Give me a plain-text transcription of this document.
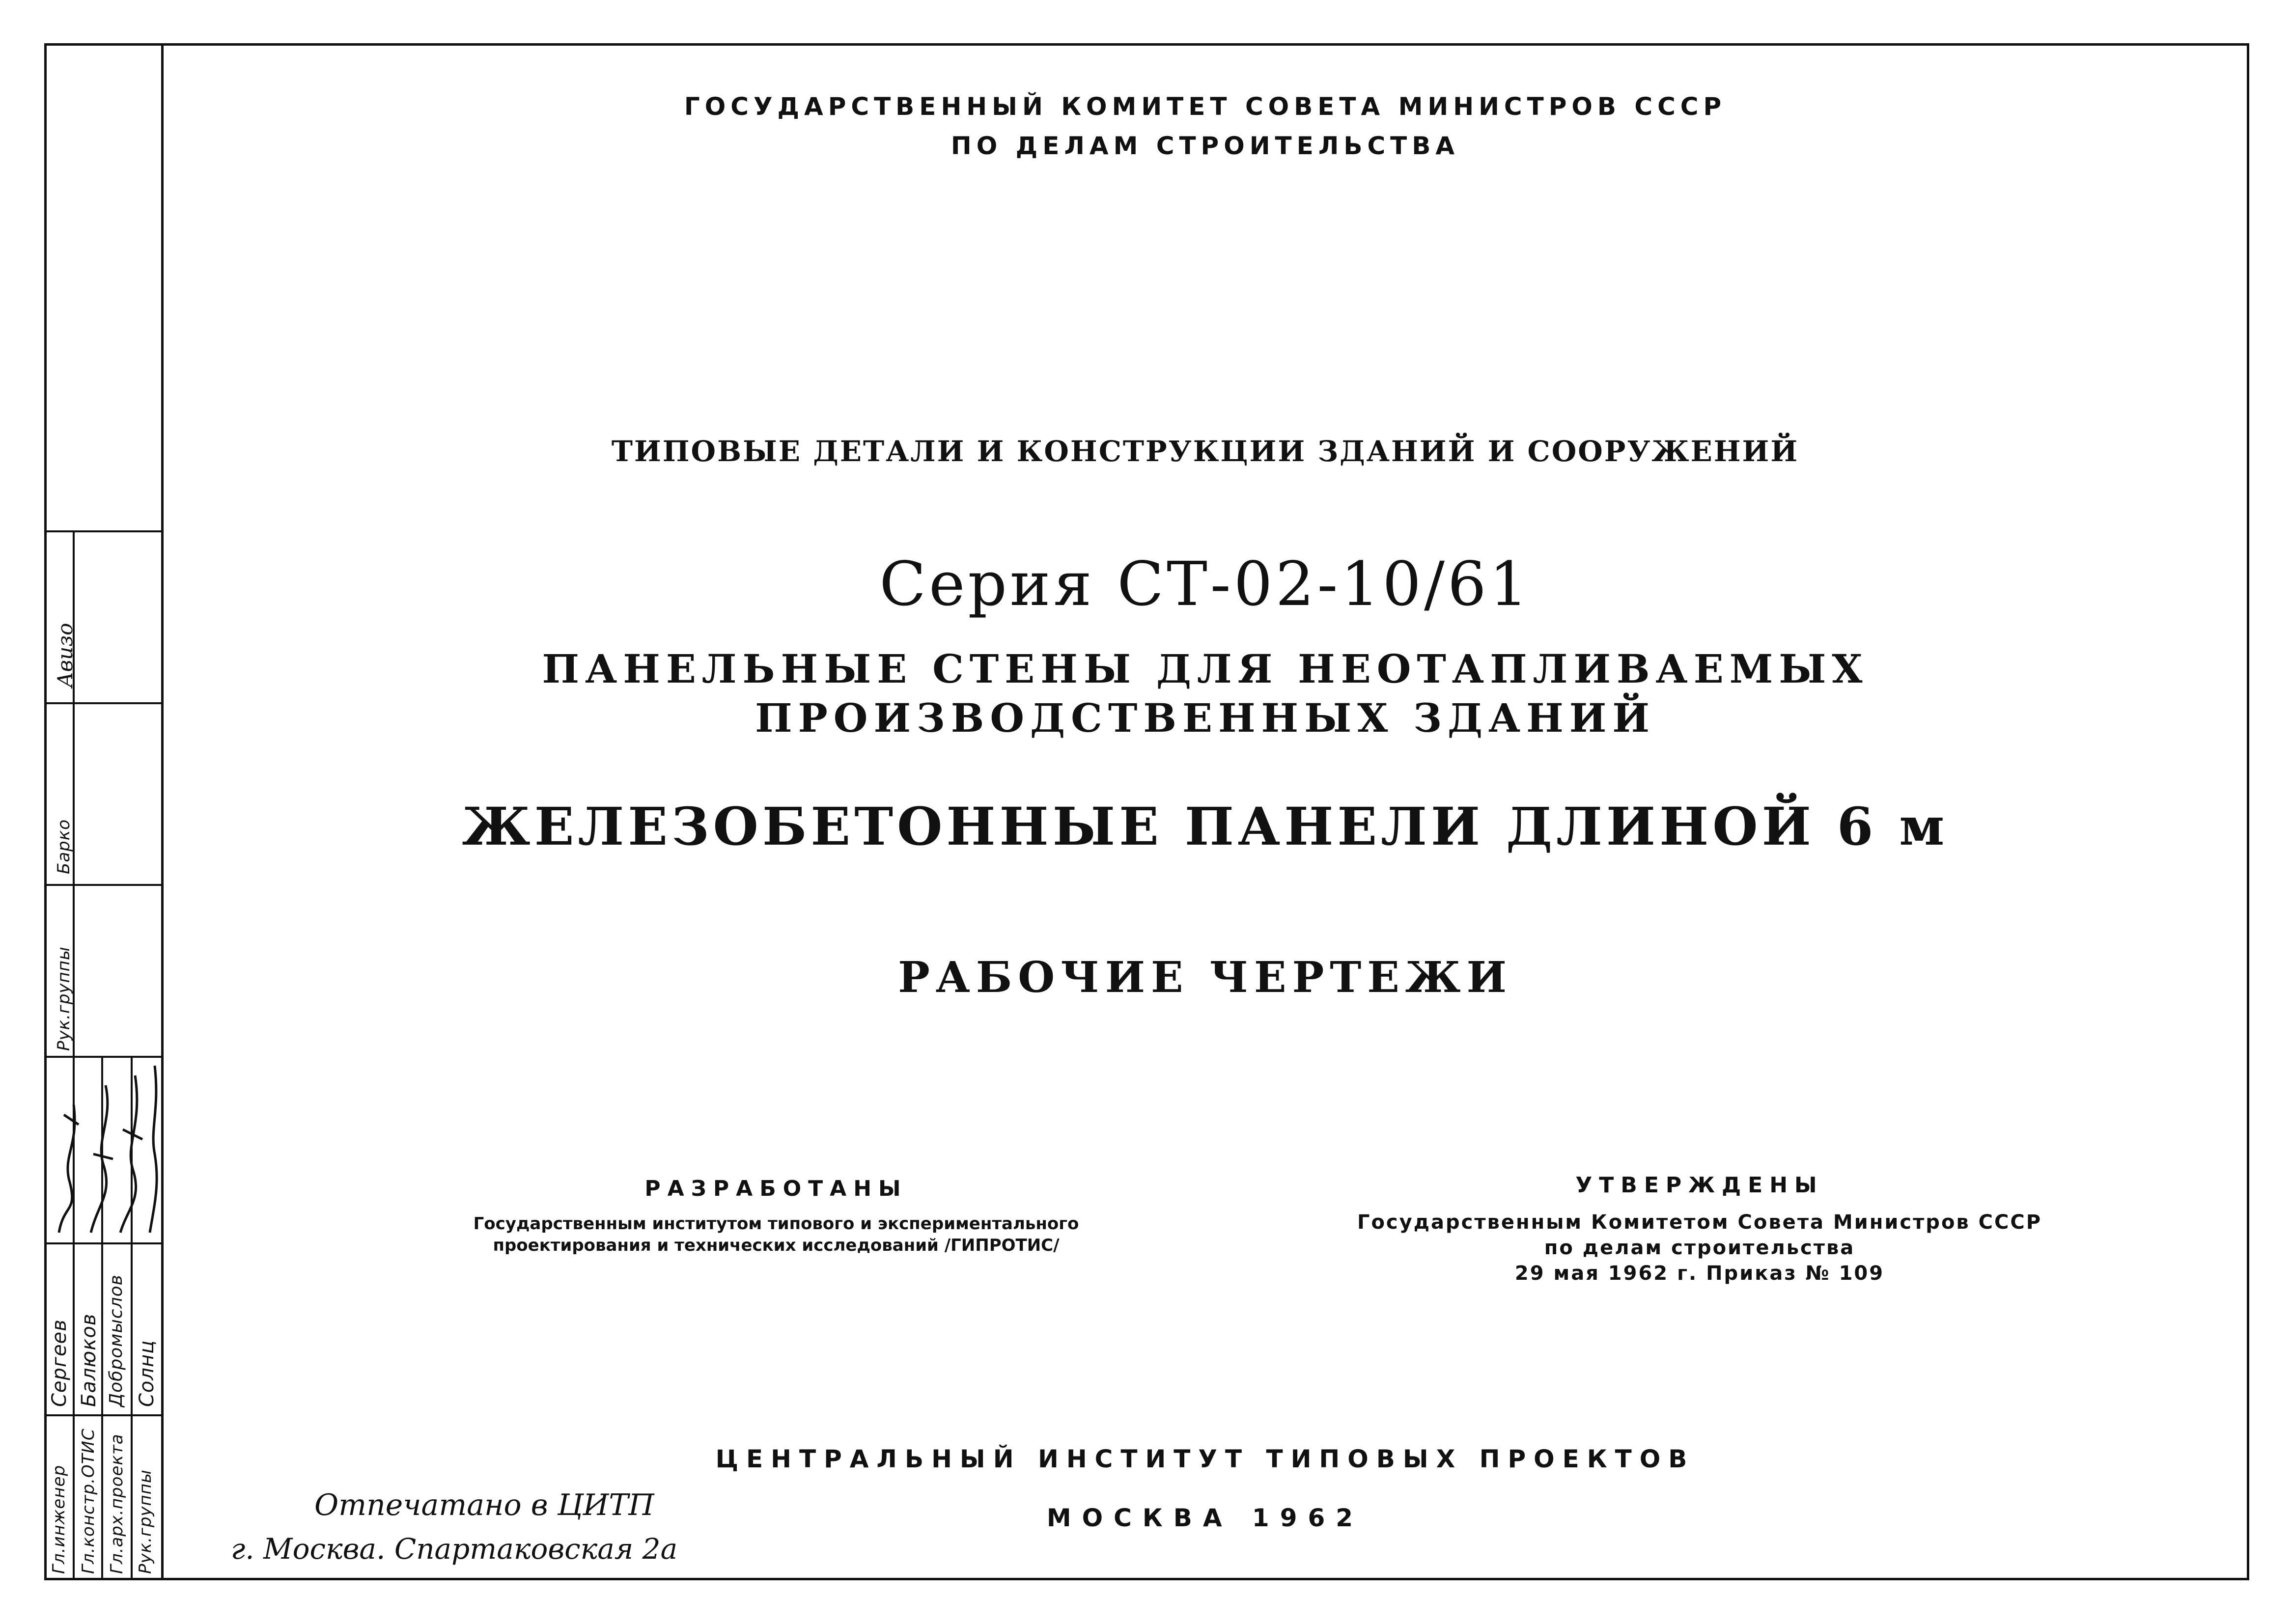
Рук.группы
Барко
Авизо
Гл.инженер Гл.констр.ОТИС Гл.арх.проекта Рук.группы
Сергеев Балюков Добромыслов Солнц
ГОСУДАРСТВЕННЫЙ КОМИТЕТ СОВЕТА МИНИСТРОВ СССР
ПО ДЕЛАМ СТРОИТЕЛЬСТВА
ТИПОВЫЕ ДЕТАЛИ И КОНСТРУКЦИИ ЗДАНИЙ И СООРУЖЕНИЙ
Серия СТ-02-10/61
ПАНЕЛЬНЫЕ СТЕНЫ ДЛЯ НЕОТАПЛИВАЕМЫХ
ПРОИЗВОДСТВЕННЫХ ЗДАНИЙ
ЖЕЛЕЗОБЕТОННЫЕ ПАНЕЛИ ДЛИНОЙ 6 м
РАБОЧИЕ ЧЕРТЕЖИ
РАЗРАБОТАНЫ
Государственным институтом типового и экспериментального
проектирования и технических исследований /ГИПРОТИС/
УТВЕРЖДЕНЫ
Государственным Комитетом Совета Министров СССР
по делам строительства
29 мая 1962 г. Приказ № 109
ЦЕНТРАЛЬНЫЙ ИНСТИТУТ ТИПОВЫХ ПРОЕКТОВ
МОСКВА 1962
Отпечатано в ЦИТП
г. Москва. Спартаковская 2а
